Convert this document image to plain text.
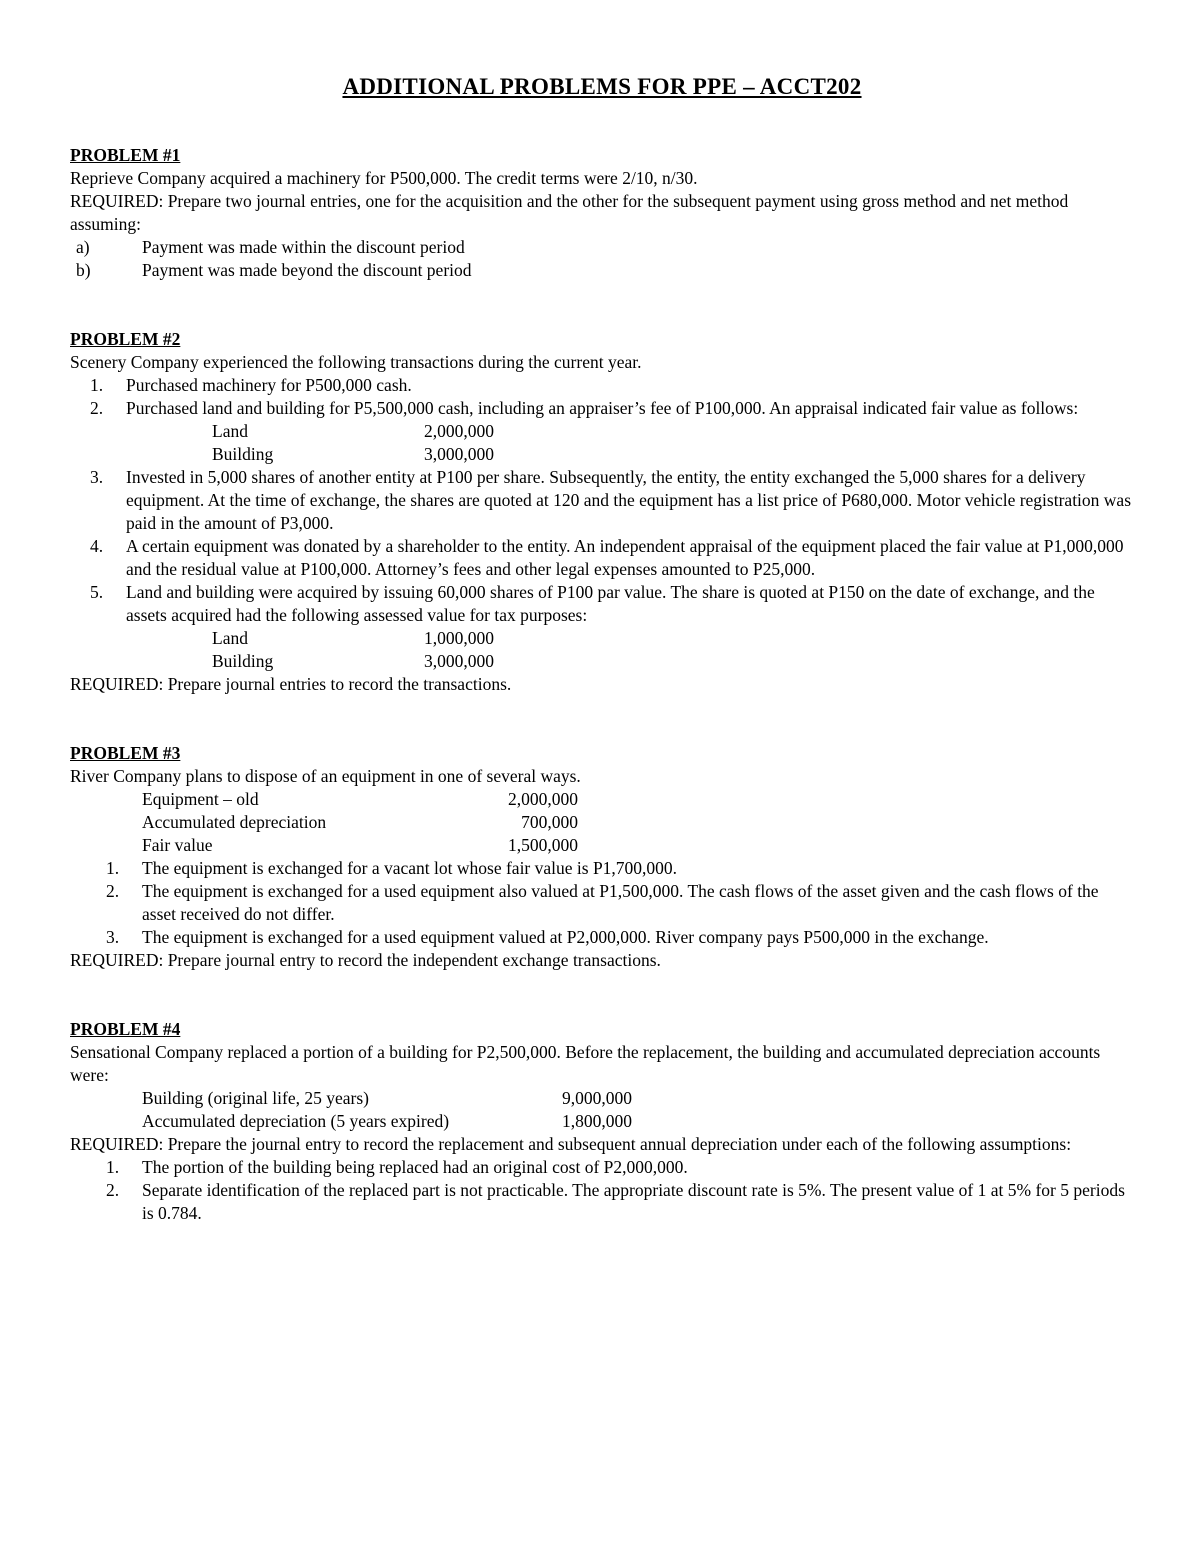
ADDITIONAL PROBLEMS FOR PPE – ACCT202
PROBLEM #1
Reprieve Company acquired a machinery for P500,000. The credit terms were 2/10, n/30.
REQUIRED: Prepare two journal entries, one for the acquisition and the other for the subsequent payment using gross method and net method assuming:
a)	Payment was made within the discount period
b)	Payment was made beyond the discount period
PROBLEM #2
Scenery Company experienced the following transactions during the current year.
1. Purchased machinery for P500,000 cash.
2. Purchased land and building for P5,500,000 cash, including an appraiser’s fee of P100,000. An appraisal indicated fair value as follows:
Land	2,000,000
Building	3,000,000
3. Invested in 5,000 shares of another entity at P100 per share. Subsequently, the entity, the entity exchanged the 5,000 shares for a delivery equipment. At the time of exchange, the shares are quoted at 120 and the equipment has a list price of P680,000. Motor vehicle registration was paid in the amount of P3,000.
4. A certain equipment was donated by a shareholder to the entity. An independent appraisal of the equipment placed the fair value at P1,000,000 and the residual value at P100,000. Attorney’s fees and other legal expenses amounted to P25,000.
5. Land and building were acquired by issuing 60,000 shares of P100 par value. The share is quoted at P150 on the date of exchange, and the assets acquired had the following assessed value for tax purposes:
Land	1,000,000
Building	3,000,000
REQUIRED: Prepare journal entries to record the transactions.
PROBLEM #3
River Company plans to dispose of an equipment in one of several ways.
Equipment – old	2,000,000
Accumulated depreciation	700,000
Fair value	1,500,000
1. The equipment is exchanged for a vacant lot whose fair value is P1,700,000.
2. The equipment is exchanged for a used equipment also valued at P1,500,000. The cash flows of the asset given and the cash flows of the asset received do not differ.
3. The equipment is exchanged for a used equipment valued at P2,000,000. River company pays P500,000 in the exchange.
REQUIRED: Prepare journal entry to record the independent exchange transactions.
PROBLEM #4
Sensational Company replaced a portion of a building for P2,500,000. Before the replacement, the building and accumulated depreciation accounts were:
Building (original life, 25 years)	9,000,000
Accumulated depreciation (5 years expired)	1,800,000
REQUIRED: Prepare the journal entry to record the replacement and subsequent annual depreciation under each of the following assumptions:
1. The portion of the building being replaced had an original cost of P2,000,000.
2. Separate identification of the replaced part is not practicable. The appropriate discount rate is 5%. The present value of 1 at 5% for 5 periods is 0.784.
